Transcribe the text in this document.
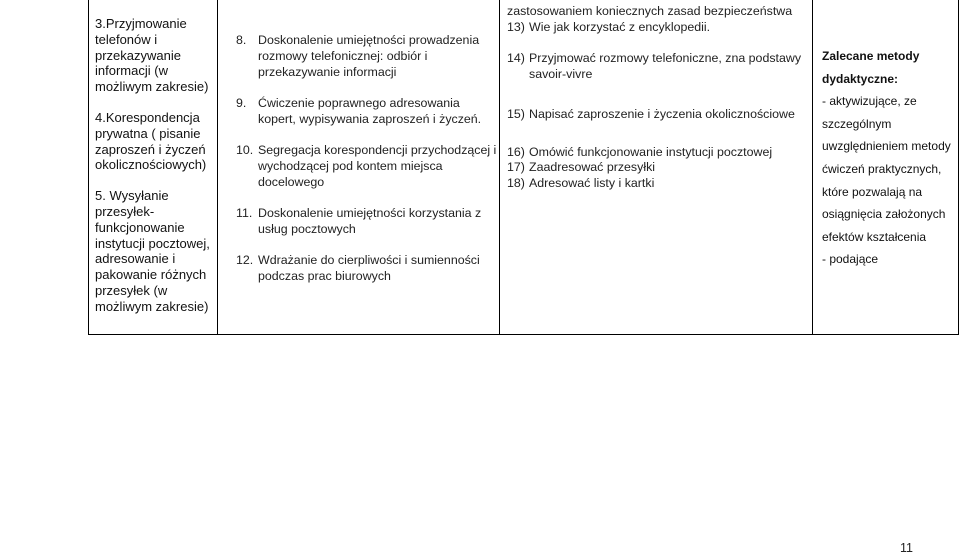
3.Przyjmowanie telefonów i przekazywanie informacji (w możliwym zakresie)
4.Korespondencja prywatna ( pisanie zaproszeń i życzeń okolicznościowych)
5. Wysyłanie przesyłek- funkcjonowanie instytucji pocztowej, adresowanie i pakowanie różnych przesyłek (w możliwym zakresie)
8. Doskonalenie umiejętności prowadzenia rozmowy telefonicznej: odbiór i przekazywanie informacji
9. Ćwiczenie poprawnego adresowania kopert, wypisywania zaproszeń i życzeń.
10. Segregacja korespondencji przychodzącej i wychodzącej pod kontem miejsca docelowego
11. Doskonalenie umiejętności korzystania z usług pocztowych
12. Wdrażanie do cierpliwości i sumienności podczas prac biurowych
zastosowaniem koniecznych zasad bezpieczeństwa
13) Wie jak korzystać z encyklopedii.
14) Przyjmować rozmowy telefoniczne, zna podstawy savoir-vivre
15) Napisać zaproszenie i życzenia okolicznościowe
16) Omówić funkcjonowanie instytucji pocztowej
17) Zaadresować przesyłki
18) Adresować listy i kartki
Zalecane metody
dydaktyczne:
- aktywizujące, ze
szczególnym
uwzględnieniem metody
ćwiczeń praktycznych,
które pozwalają na
osiągnięcia założonych
efektów kształcenia
- podające
11
